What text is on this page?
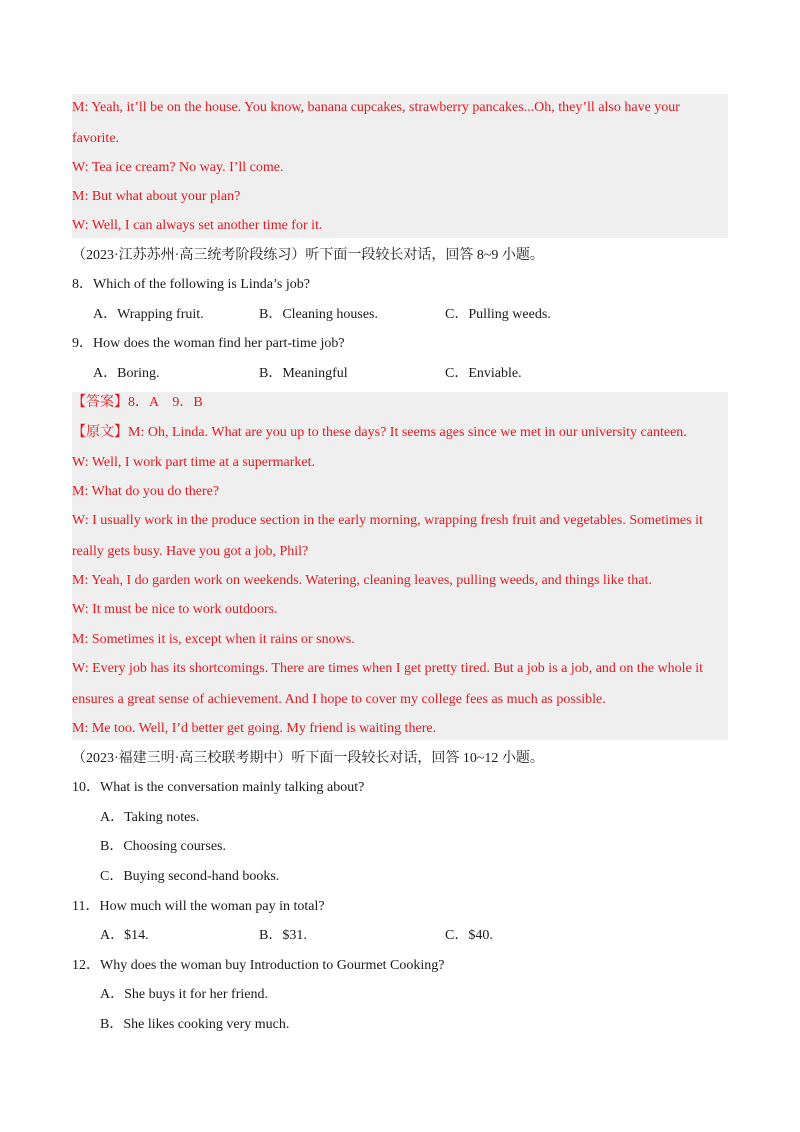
M: Yeah, it’ll be on the house. You know, banana cupcakes, strawberry pancakes...Oh, they’ll also have your
favorite.
W: Tea ice cream? No way. I’ll come.
M: But what about your plan?
W: Well, I can always set another time for it.
（2023·江苏苏州·高三统考阶段练习）听下面一段较长对话，回答 8~9 小题。
8．Which of the following is Linda’s job?
A．Wrapping fruit.	B．Cleaning houses.	C．Pulling weeds.
9．How does the woman find her part-time job?
A．Boring.	B．Meaningful	C．Enviable.
【答案】8．A    9．B
【原文】M: Oh, Linda. What are you up to these days? It seems ages since we met in our university canteen.
W: Well, I work part time at a supermarket.
M: What do you do there?
W: I usually work in the produce section in the early morning, wrapping fresh fruit and vegetables. Sometimes it
really gets busy. Have you got a job, Phil?
M: Yeah, I do garden work on weekends. Watering, cleaning leaves, pulling weeds, and things like that.
W: It must be nice to work outdoors.
M: Sometimes it is, except when it rains or snows.
W: Every job has its shortcomings. There are times when I get pretty tired. But a job is a job, and on the whole it
ensures a great sense of achievement. And I hope to cover my college fees as much as possible.
M: Me too. Well, I’d better get going. My friend is waiting there.
（2023·福建三明·高三校联考期中）听下面一段较长对话，回答 10~12 小题。
10．What is the conversation mainly talking about?
A．Taking notes.
B．Choosing courses.
C．Buying second-hand books.
11．How much will the woman pay in total?
A．$14.	B．$31.	C．$40.
12．Why does the woman buy Introduction to Gourmet Cooking?
A．She buys it for her friend.
B．She likes cooking very much.
